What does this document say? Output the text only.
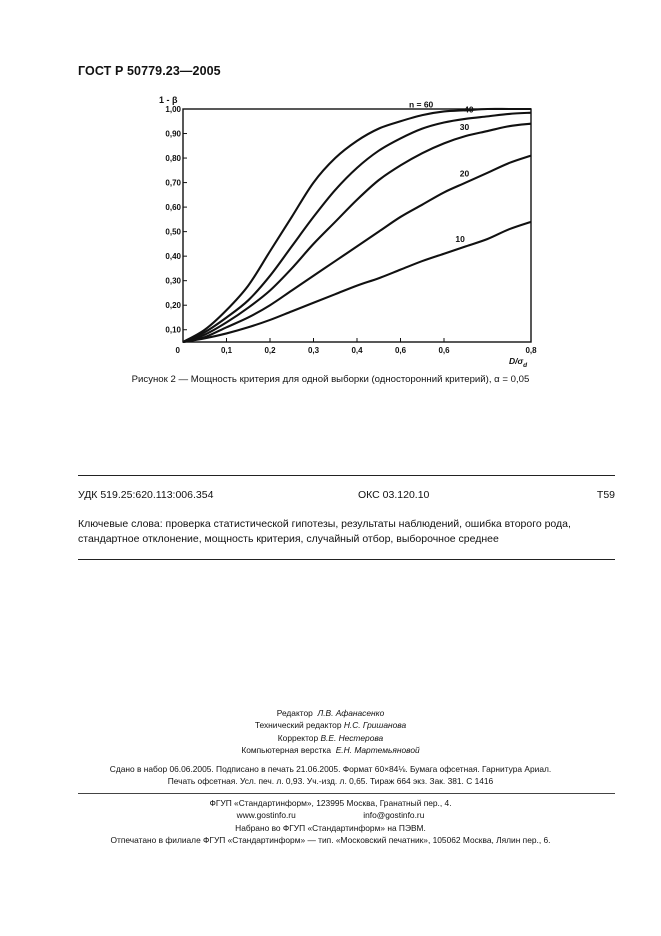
ГОСТ Р 50779.23—2005
1,00
0,90
0,80
0,70
0,60
0,50
0,40
0,30
0,20
0,10
0	0,1	0,2	0,3	0,4	0,6	0,6	0,8
1 - β
$D/\sigma_d$
n = 60	40
30
20
10
Рисунок 2 — Мощность критерия для одной выборки (односторонний критерий), α = 0,05
УДК 519.25:620.113:006.354	ОКС 03.120.10	Т59
Ключевые слова: проверка статистической гипотезы, результаты наблюдений, ошибка второго рода, стандартное отклонение, мощность критерия, случайный отбор, выборочное среднее
Редактор Л.В. Афанасенко
Технический редактор Н.С. Гришанова
Корректор В.Е. Нестерова
Компьютерная верстка Е.Н. Мартемьяновой
Сдано в набор 06.06.2005. Подписано в печать 21.06.2005. Формат 60×84⅛. Бумага офсетная. Гарнитура Ариал.
Печать офсетная. Усл. печ. л. 0,93. Уч.-изд. л. 0,65. Тираж 664 экз. Зак. 381. С 1416
ФГУП «Стандартинформ», 123995 Москва, Гранатный пер., 4.
www.gostinfo.ru                             info@gostinfo.ru
Набрано во ФГУП «Стандартинформ» на ПЭВМ.
Отпечатано в филиале ФГУП «Стандартинформ» — тип. «Московский печатник», 105062 Москва, Лялин пер., 6.
